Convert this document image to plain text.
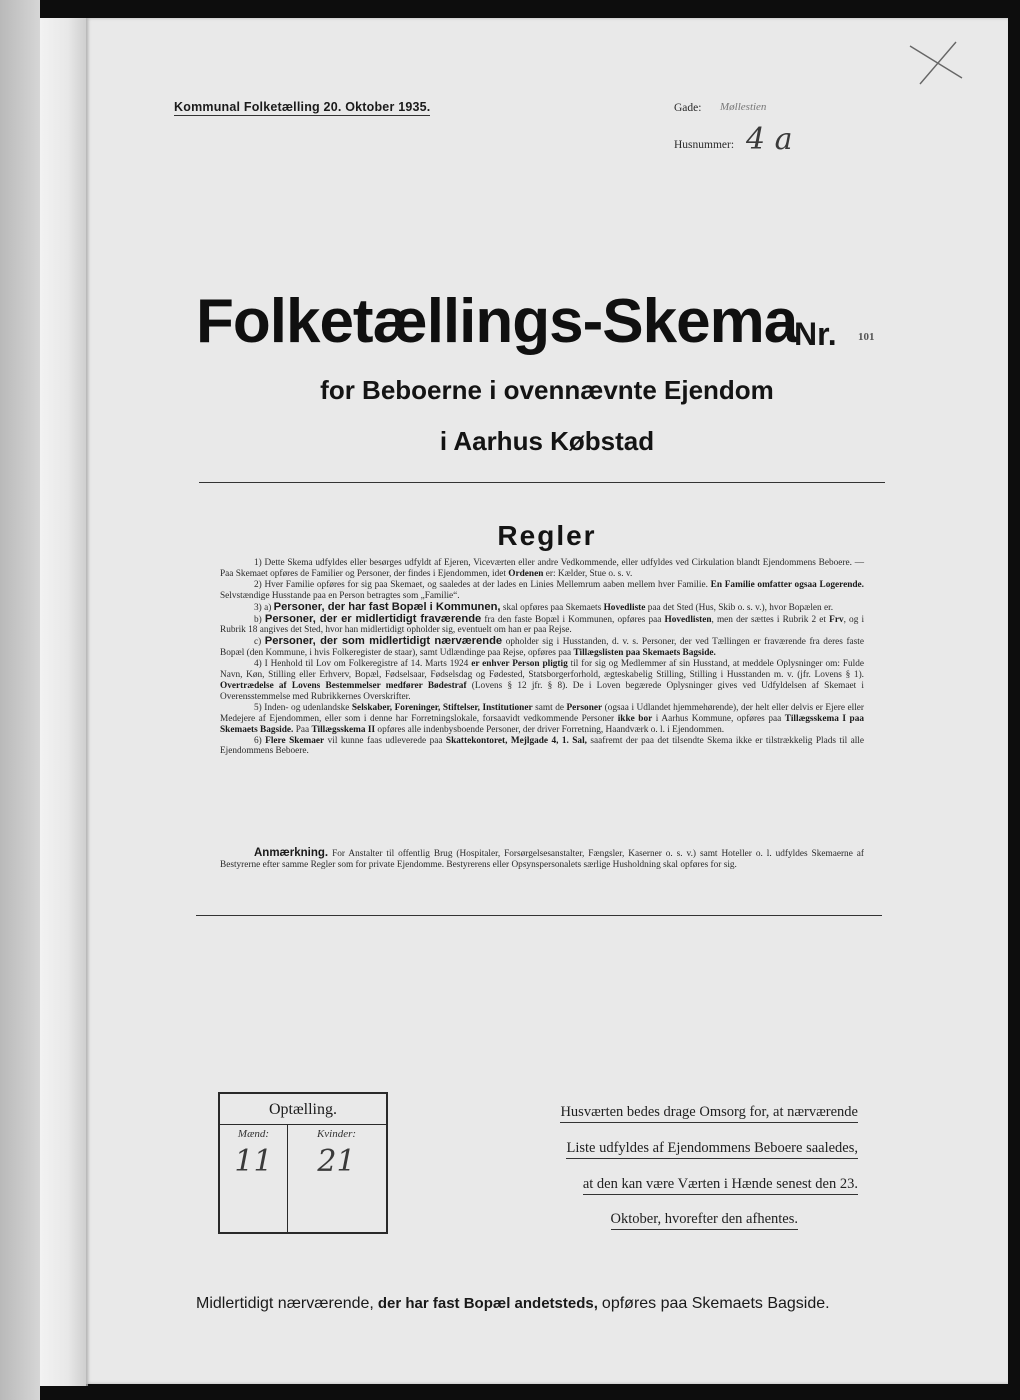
Kommunal Folketælling 20. Oktober 1935.	Gade: Møllestien
Husnummer: 4 a
Folketællings-Skema
Nr. 101
for Beboerne i ovennævnte Ejendom
i Aarhus Købstad
Regler

1) Dette Skema udfyldes eller besørges udfyldt af Ejeren, Viceværten eller andre Vedkommende, eller udfyldes ved Cirkulation blandt Ejendommens Beboere. — Paa Skemaet opføres de Familier og Personer, der findes i Ejendommen, idet Ordenen er: Kælder, Stue o. s. v.

2) Hver Familie opføres for sig paa Skemaet, og saaledes at der lades en Linies Mellemrum aaben mellem hver Familie. En Familie omfatter ogsaa Logerende. Selvstændige Husstande paa en Person betragtes som „Familie“.

3) a) Personer, der har fast Bopæl i Kommunen, skal opføres paa Skemaets Hovedliste paa det Sted (Hus, Skib o. s. v.), hvor Bopælen er.

b) Personer, der er midlertidigt fraværende fra den faste Bopæl i Kommunen, opføres paa Hovedlisten, men der sættes i Rubrik 2 et Frv, og i Rubrik 18 angives det Sted, hvor han midlertidigt opholder sig, eventuelt om han er paa Rejse.

c) Personer, der som midlertidigt nærværende opholder sig i Husstanden, d. v. s. Personer, der ved Tællingen er fraværende fra deres faste Bopæl (den Kommune, i hvis Folkeregister de staar), samt Udlændinge paa Rejse, opføres paa Tillægslisten paa Skemaets Bagside.

4) I Henhold til Lov om Folkeregistre af 14. Marts 1924 er enhver Person pligtig til for sig og Medlemmer af sin Husstand, at meddele Oplysninger om: Fulde Navn, Køn, Stilling eller Erhverv, Bopæl, Fødselsaar, Fødselsdag og Fødested, Statsborgerforhold, ægteskabelig Stilling, Stilling i Husstanden m. v. (jfr. Lovens § 1). Overtrædelse af Lovens Bestemmelser medfører Bødestraf (Lovens § 12 jfr. § 8). De i Loven begærede Oplysninger gives ved Udfyldelsen af Skemaet i Overensstemmelse med Rubrikkernes Overskrifter.

5) Inden- og udenlandske Selskaber, Foreninger, Stiftelser, Institutioner samt de Personer (ogsaa i Udlandet hjemmehørende), der helt eller delvis er Ejere eller Medejere af Ejendommen, eller som i denne har Forretningslokale, forsaavidt vedkommende Personer ikke bor i Aarhus Kommune, opføres paa Tillægsskema I paa Skemaets Bagside. Paa Tillægsskema II opføres alle indenbysboende Personer, der driver Forretning, Haandværk o. l. i Ejendommen.

6) Flere Skemaer vil kunne faas udleverede paa Skattekontoret, Mejlgade 4, 1. Sal, saafremt der paa det tilsendte Skema ikke er tilstrækkelig Plads til alle Ejendommens Beboere.

Anmærkning. For Anstalter til offentlig Brug (Hospitaler, Forsørgelsesanstalter, Fængsler, Kaserner o. s. v.) samt Hoteller o. l. udfyldes Skemaerne af Bestyrerne efter samme Regler som for private Ejendomme. Bestyrerens eller Opsynspersonalets særlige Husholdning skal opføres for sig.
Optælling.
Mænd:
11
Kvinder:
21
Husværten bedes drage Omsorg for, at nærværende
Liste udfyldes af Ejendommens Beboere saaledes,
at den kan være Værten i Hænde senest den 23.
Oktober, hvorefter den afhentes.
Midlertidigt nærværende, der har fast Bopæl andetsteds, opføres paa Skemaets Bagside.
